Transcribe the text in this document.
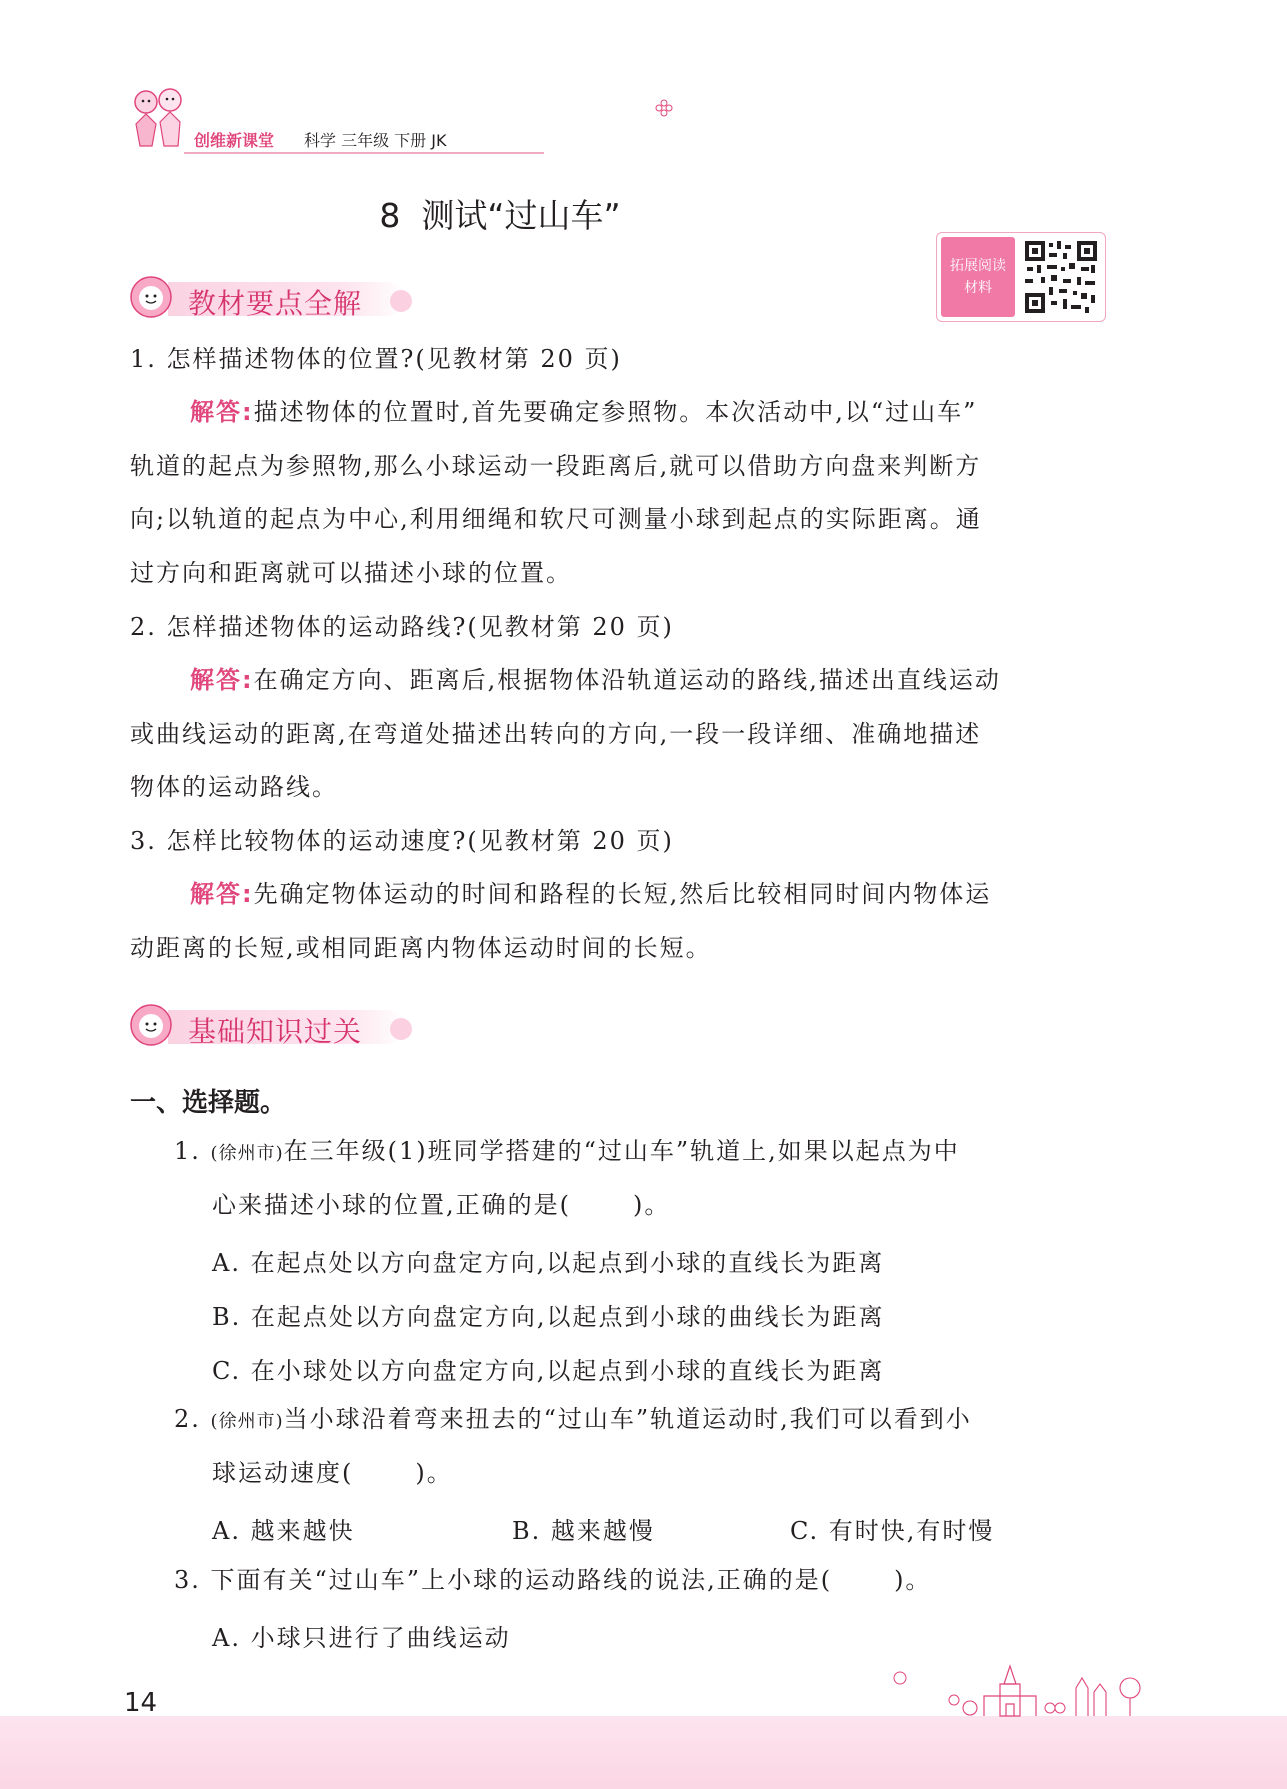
创维新课堂 科学 三年级 下册 JK
8  测试“过山车”
拓展阅读
材料
教材要点全解
1. 怎样描述物体的位置?(见教材第 20 页)
解答:描述物体的位置时,首先要确定参照物。本次活动中,以“过山车”
轨道的起点为参照物,那么小球运动一段距离后,就可以借助方向盘来判断方
向;以轨道的起点为中心,利用细绳和软尺可测量小球到起点的实际距离。通
过方向和距离就可以描述小球的位置。
2. 怎样描述物体的运动路线?(见教材第 20 页)
解答:在确定方向、距离后,根据物体沿轨道运动的路线,描述出直线运动
或曲线运动的距离,在弯道处描述出转向的方向,一段一段详细、准确地描述
物体的运动路线。
3. 怎样比较物体的运动速度?(见教材第 20 页)
解答:先确定物体运动的时间和路程的长短,然后比较相同时间内物体运
动距离的长短,或相同距离内物体运动时间的长短。
基础知识过关
一、选择题。
1. (徐州市)在三年级(1)班同学搭建的“过山车”轨道上,如果以起点为中
心来描述小球的位置,正确的是(	)。
A. 在起点处以方向盘定方向,以起点到小球的直线长为距离
B. 在起点处以方向盘定方向,以起点到小球的曲线长为距离
C. 在小球处以方向盘定方向,以起点到小球的直线长为距离
2. (徐州市)当小球沿着弯来扭去的“过山车”轨道运动时,我们可以看到小
球运动速度(	)。
A. 越来越快	B. 越来越慢	C. 有时快,有时慢
3. 下面有关“过山车”上小球的运动路线的说法,正确的是(	)。
A. 小球只进行了曲线运动
14
